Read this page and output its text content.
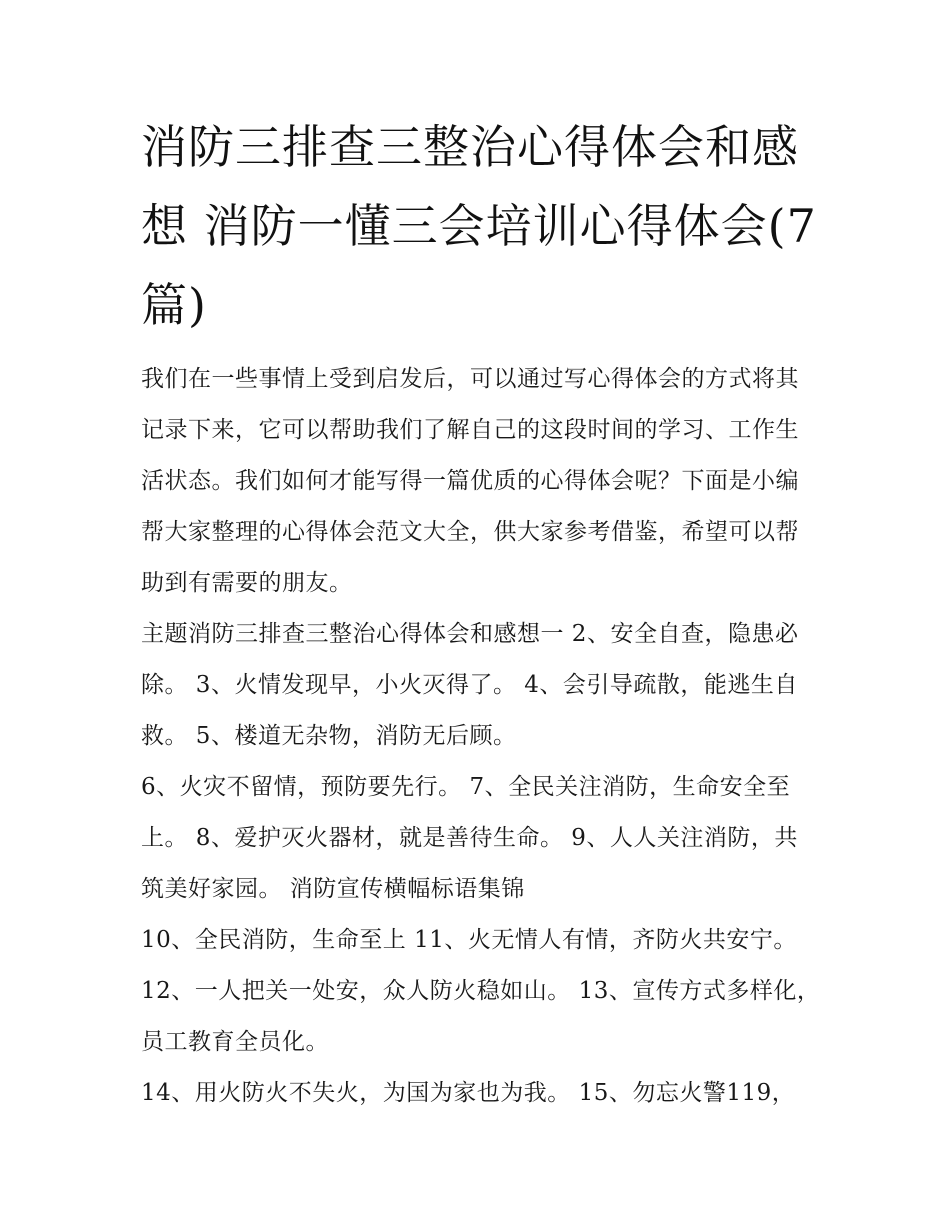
消防三排查三整治心得体会和感想 消防一懂三会培训心得体会(7篇)

我们在一些事情上受到启发后，可以通过写心得体会的方式将其记录下来，它可以帮助我们了解自己的这段时间的学习、工作生活状态。我们如何才能写得一篇优质的心得体会呢？下面是小编帮大家整理的心得体会范文大全，供大家参考借鉴，希望可以帮助到有需要的朋友。

主题消防三排查三整治心得体会和感想一 2、安全自查，隐患必除。 3、火情发现早，小火灭得了。 4、会引导疏散，能逃生自救。 5、楼道无杂物，消防无后顾。

6、火灾不留情，预防要先行。 7、全民关注消防，生命安全至上。 8、爱护灭火器材，就是善待生命。 9、人人关注消防，共筑美好家园。 消防宣传横幅标语集锦

10、全民消防，生命至上 11、火无情人有情，齐防火共安宁。

12、一人把关一处安，众人防火稳如山。 13、宣传方式多样化，员工教育全员化。

14、用火防火不失火，为国为家也为我。 15、勿忘火警119，
